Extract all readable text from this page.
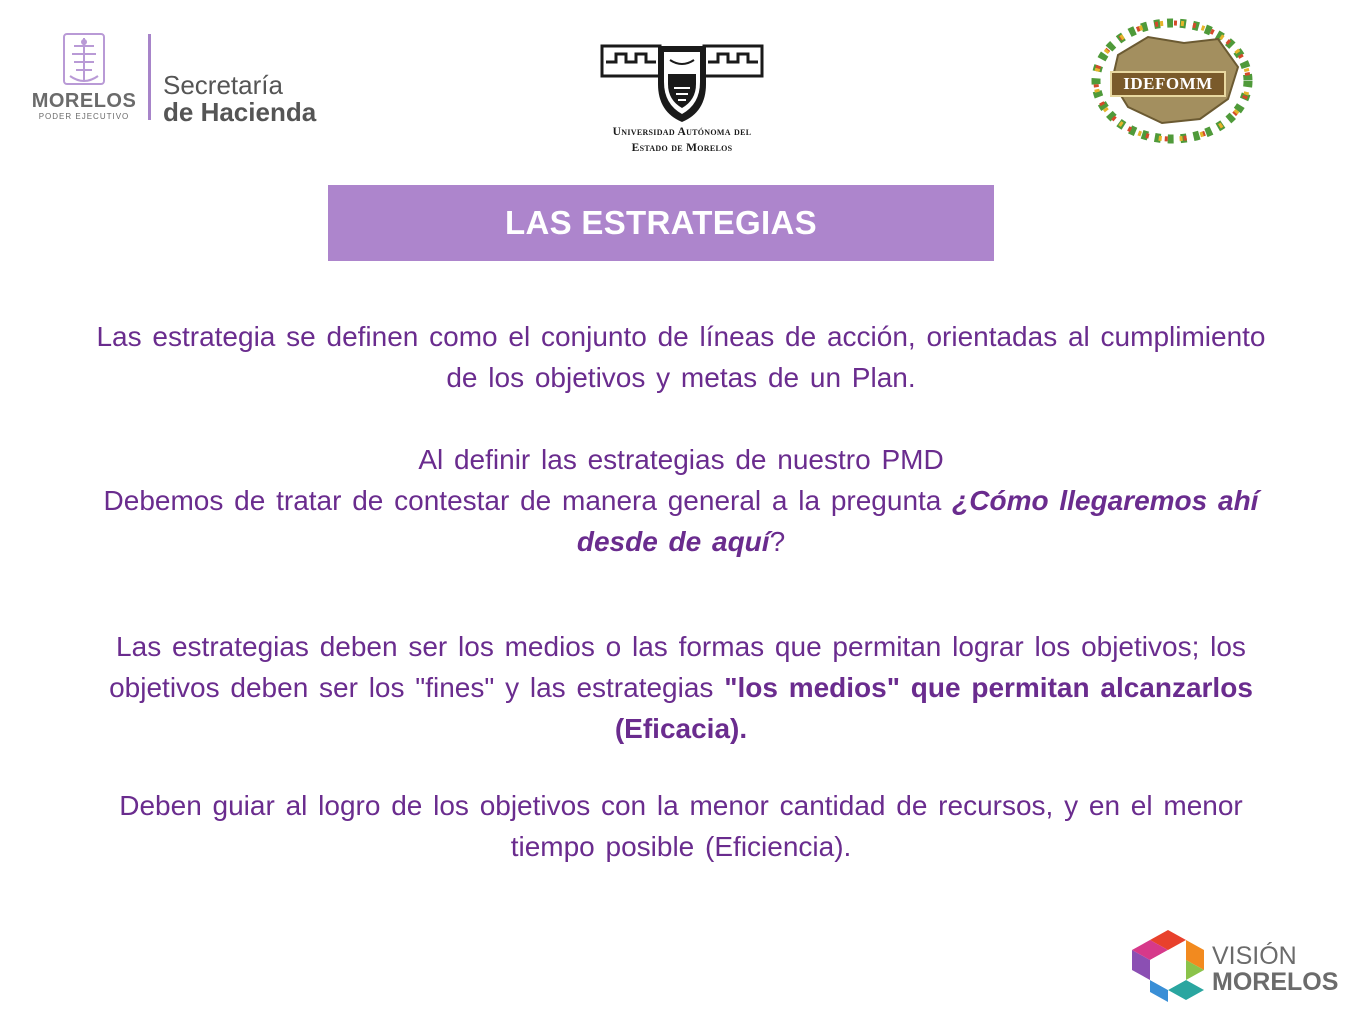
MORELOS
PODER EJECUTIVO
Secretaría
de Hacienda
Universidad Autónoma del
Estado de Morelos
IDEFOMM
LAS ESTRATEGIAS
Las estrategia se definen como el conjunto de líneas de acción, orientadas al cumplimiento de los objetivos y metas de un Plan.
Al definir las estrategias de nuestro PMD
Debemos de tratar de contestar de manera general a la pregunta ¿Cómo llegaremos ahí desde de aquí?
Las estrategias deben ser los medios o las formas que permitan lograr los objetivos; los objetivos deben ser los "fines" y las estrategias "los medios" que permitan alcanzarlos (Eficacia).
Deben guiar al logro de los objetivos con la menor cantidad de recursos, y en el menor tiempo posible (Eficiencia).
VISIÓN
MORELOS
